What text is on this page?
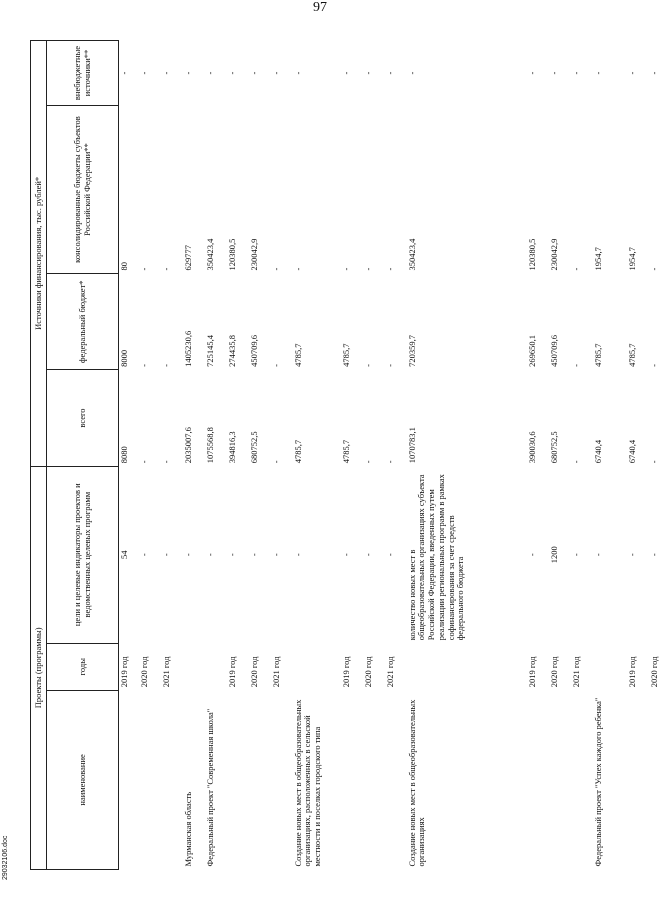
97
Проекты (программы)			Источники финансирования, тыс. рублей*			
наименование	годы	цели и целевые индикаторы проектов и ведомственных целевых программ	всего	федеральный бюджет*	консолидированные бюджеты субъектов Российской Федерации**	внебюджетные источники**
	2019 год	54	8080	8000	80	-
	2020 год	-	-	-	-	-
	2021 год	-	-	-	-	-
Мурманская область		-	2035007,6	1405230,6	629777	-
Федеральный проект "Современная школа"		-	1075568,8	725145,4	350423,4	-
	2019 год	-	394816,3	274435,8	120380,5	-
	2020 год	-	680752,5	450709,6	230042,9	-
	2021 год	-	-	-	-	-
Создание новых мест в общеобразовательных организациях, расположенных в сельской местности и поселках городского типа		-	4785,7	4785,7	-	-
	2019 год	-	4785,7	4785,7	-	-
	2020 год	-	-	-	-	-
	2021 год	-	-	-	-	-
Создание новых мест в общеобразовательных организациях		количество новых мест в общеобразовательных организациях субъекта Российской Федерации, введенных путем реализации региональных программ в рамках софинансирования за счет средств федерального бюджета	1070783,1	720359,7	350423,4	-
	2019 год	-	390030,6	269650,1	120380,5	-
	2020 год	1200	680752,5	450709,6	230042,9	-
	2021 год	-	-	-	-	-
Федеральный проект "Успех каждого ребенка"		-	6740,4	4785,7	1954,7	-
	2019 год	-	6740,4	4785,7	1954,7	-
	2020 год	-	-	-	-	-
29032106.doc
